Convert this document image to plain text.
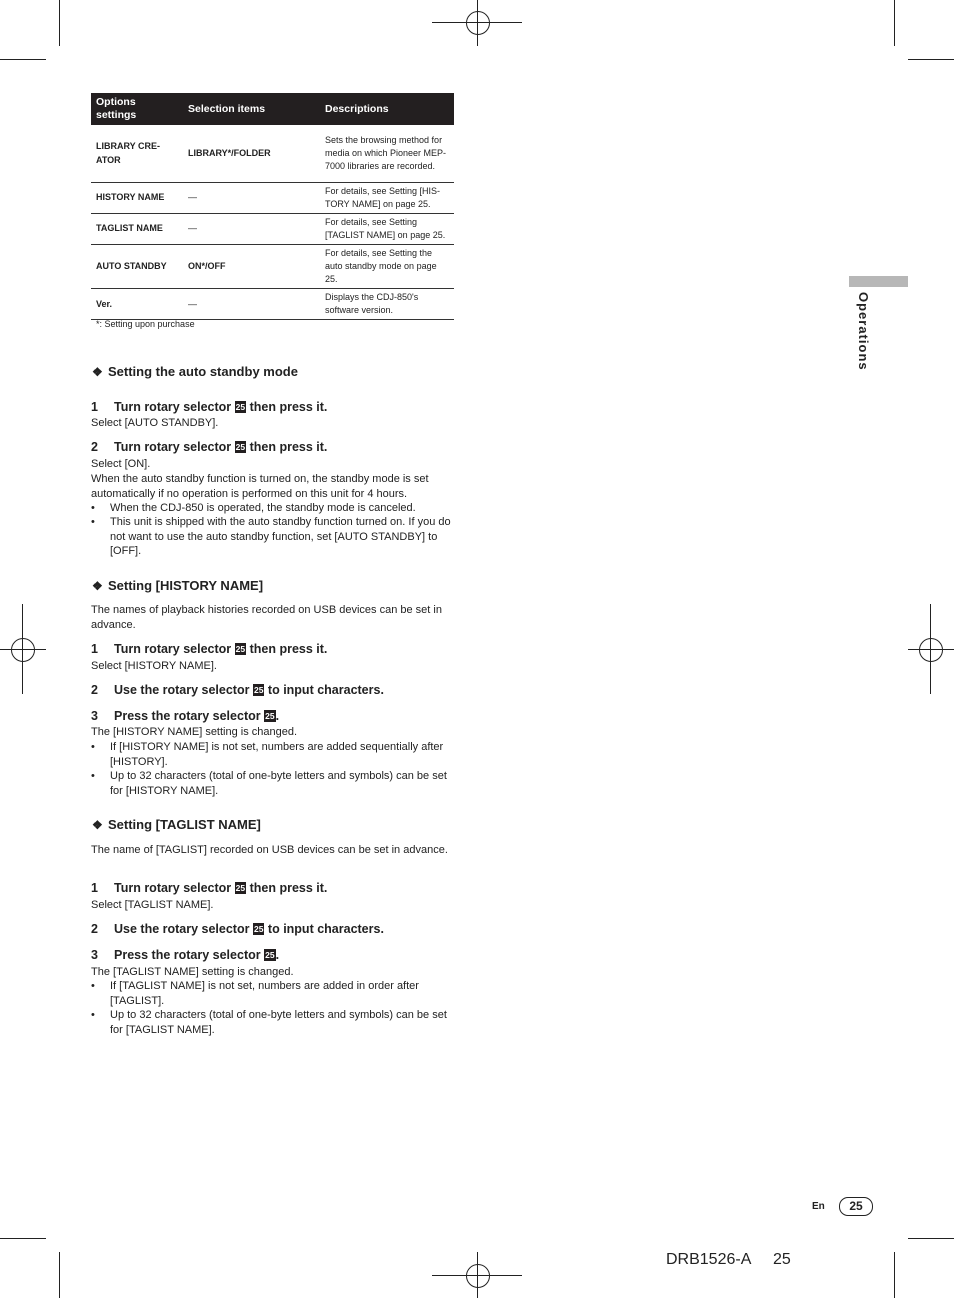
Options settings	Selection items	Descriptions
LIBRARY CRE-ATOR	LIBRARY*/FOLDER	Sets the browsing method for media on which Pioneer MEP-7000 libraries are recorded.
HISTORY NAME	—	For details, see Setting [HIS-TORY NAME] on page 25.
TAGLIST NAME	—	For details, see Setting [TAGLIST NAME] on page 25.
AUTO STANDBY	ON*/OFF	For details, see Setting the auto standby mode on page 25.
Ver.	—	Displays the CDJ-850's software version.
*: Setting upon purchase
❖ Setting the auto standby mode
1 Turn rotary selector 25 then press it.
Select [AUTO STANDBY].
2 Turn rotary selector 25 then press it.
Select [ON].
When the auto standby function is turned on, the standby mode is set automatically if no operation is performed on this unit for 4 hours.
• When the CDJ-850 is operated, the standby mode is canceled.
• This unit is shipped with the auto standby function turned on. If you do not want to use the auto standby function, set [AUTO STANDBY] to [OFF].
❖ Setting [HISTORY NAME]
The names of playback histories recorded on USB devices can be set in advance.
1 Turn rotary selector 25 then press it.
Select [HISTORY NAME].
2 Use the rotary selector 25 to input characters.
3 Press the rotary selector 25.
The [HISTORY NAME] setting is changed.
• If [HISTORY NAME] is not set, numbers are added sequentially after [HISTORY].
• Up to 32 characters (total of one-byte letters and symbols) can be set for [HISTORY NAME].
❖ Setting [TAGLIST NAME]
The name of [TAGLIST] recorded on USB devices can be set in advance.
1 Turn rotary selector 25 then press it.
Select [TAGLIST NAME].
2 Use the rotary selector 25 to input characters.
3 Press the rotary selector 25.
The [TAGLIST NAME] setting is changed.
• If [TAGLIST NAME] is not set, numbers are added in order after [TAGLIST].
• Up to 32 characters (total of one-byte letters and symbols) can be set for [TAGLIST NAME].
Operations
En	25
DRB1526-A 25
